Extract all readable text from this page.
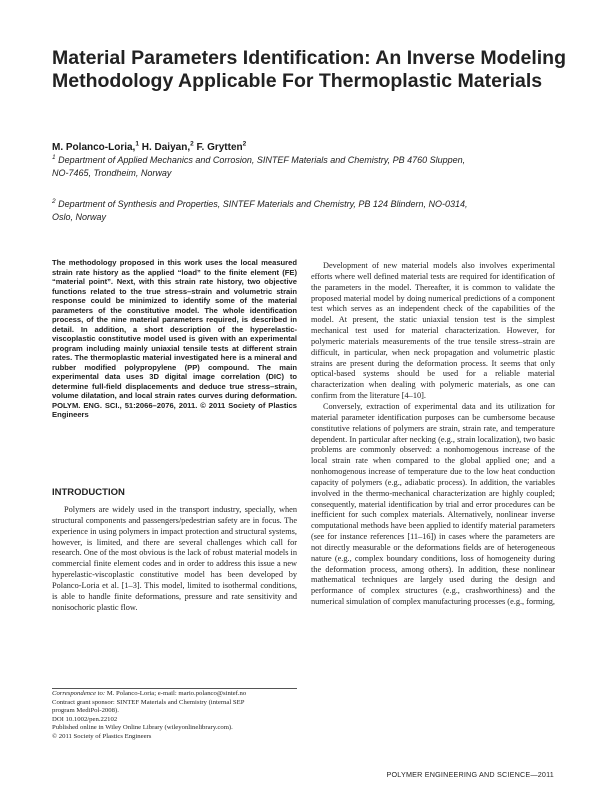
Material Parameters Identification: An Inverse Modeling Methodology Applicable For Thermoplastic Materials

M. Polanco-Loria,$^1$ H. Daiyan,$^2$ F. Grytten$^2$

$^1$ Department of Applied Mechanics and Corrosion, SINTEF Materials and Chemistry, PB 4760 Sluppen, NO-7465, Trondheim, Norway

$^2$ Department of Synthesis and Properties, SINTEF Materials and Chemistry, PB 124 Blindern, NO-0314, Oslo, Norway

The methodology proposed in this work uses the local measured strain rate history as the applied “load” to the finite element (FE) “material point”. Next, with this strain rate history, two objective functions related to the true stress–strain and volumetric strain response could be minimized to identify some of the material parameters of the constitutive model. The whole identification process, of the nine material parameters required, is described in detail. In addition, a short description of the hyperelastic-viscoplastic constitutive model used is given with an experimental program including mainly uniaxial tensile tests at different strain rates. The thermoplastic material investigated here is a mineral and rubber modified polypropylene (PP) compound. The main experimental data uses 3D digital image correlation (DIC) to determine full-field displacements and deduce true stress–strain, volume dilatation, and local strain rates curves during deformation. POLYM. ENG. SCI., 51:2066–2076, 2011. © 2011 Society of Plastics Engineers

INTRODUCTION

Polymers are widely used in the transport industry, specially, when structural components and passengers/pedestrian safety are in focus. The experience in using polymers in impact protection and structural systems, however, is limited, and there are several challenges which call for research. One of the most obvious is the lack of robust material models in commercial finite element codes and in order to address this issue a new hyperelastic-viscoplastic constitutive model has been developed by Polanco-Loria et al. [1–3]. This model, limited to isothermal conditions, is able to handle finite deformations, pressure and rate sensitivity and nonisochoric plastic flow.

Development of new material models also involves experimental efforts where well defined material tests are required for identification of the parameters in the model. Thereafter, it is common to validate the proposed material model by doing numerical predictions of a component test which serves as an independent check of the capabilities of the model. At present, the static uniaxial tension test is the simplest mechanical test used for material characterization. However, for polymeric materials measurements of the true tensile stress–strain are difficult, in particular, when neck propagation and volumetric plastic strains are present during the deformation process. It seems that only optical-based systems should be used for a reliable material characterization when dealing with polymeric materials, as one can confirm from the literature [4–10].

Conversely, extraction of experimental data and its utilization for material parameter identification purposes can be cumbersome because constitutive relations of polymers are strain, strain rate, and temperature dependent. In particular after necking (e.g., strain localization), two basic problems are commonly observed: a nonhomogenous increase of the local strain rate when compared to the global applied one; and a nonhomogenous increase of temperature due to the low heat conduction capacity of polymers (e.g., adiabatic process). In addition, the variables involved in the thermo-mechanical characterization are highly coupled; consequently, material identification by trial and error procedures can be inefficient for such complex materials. Alternatively, nonlinear inverse computational methods have been applied to identify material parameters (see for instance references [11–16]) in cases where the parameters are not directly measurable or the deformations fields are of heterogeneous nature (e.g., complex boundary conditions, loss of homogeneity during the deformation process, among others). In addition, these nonlinear mathematical techniques are largely used during the design and performance of complex structures (e.g., crashworthiness) and the numerical simulation of complex manufacturing processes (e.g., forming,

Correspondence to: M. Polanco-Loria; e-mail: mario.polanco@sintef.no
Contract grant sponsor: SINTEF Materials and Chemistry (internal SEP
program MediPol-2008).
DOI 10.1002/pen.22102
Published online in Wiley Online Library (wileyonlinelibrary.com).
© 2011 Society of Plastics Engineers

POLYMER ENGINEERING AND SCIENCE—2011
